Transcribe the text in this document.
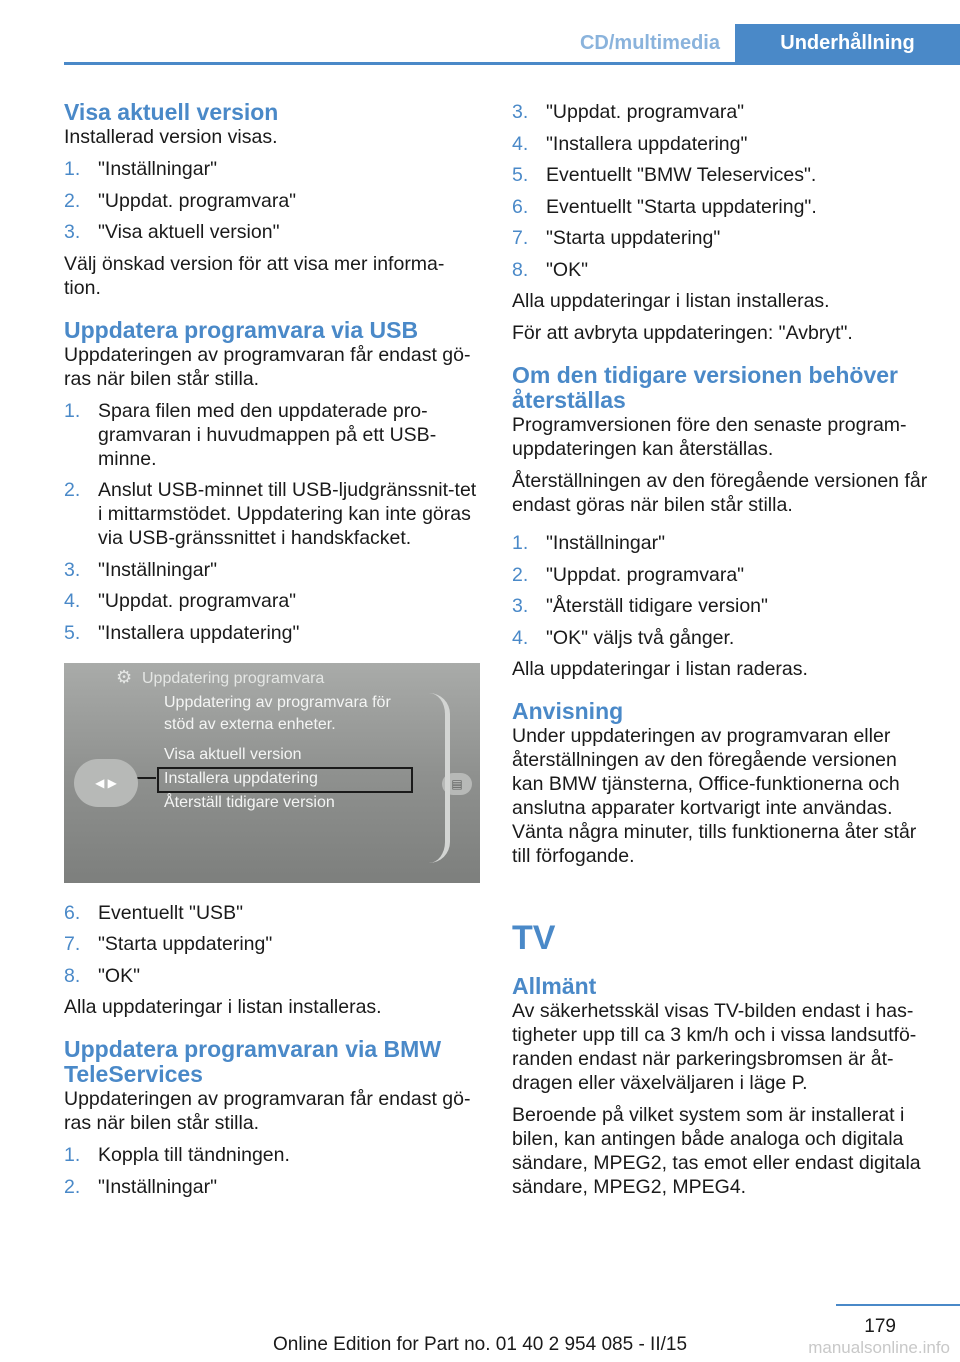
CD/multimedia	Underhållning
Visa aktuell version

Installerad version visas.

1. "Inställningar"
2. "Uppdat. programvara"
3. "Visa aktuell version"

Välj önskad version för att visa mer informa‐tion.

Uppdatera programvara via USB

Uppdateringen av programvaran får endast gö‐ras när bilen står stilla.

1. Spara filen med den uppdaterade pro‐gramvaran i huvudmappen på ett USB-minne.
2. Anslut USB-minnet till USB-ljudgränssnit‐tet i mittarmstödet. Uppdatering kan inte göras via USB-gränssnittet i handskfacket.
3. "Inställningar"
4. "Uppdat. programvara"
5. "Installera uppdatering"
⚙ Uppdatering programvara
Uppdatering av programvara för
stöd av externa enheter.
Visa aktuell version
Installera uppdatering
Återställ tidigare version
◀ ▶	▤
6. Eventuellt "USB"
7. "Starta uppdatering"
8. "OK"

Alla uppdateringar i listan installeras.

Uppdatera programvaran via BMW TeleServices

Uppdateringen av programvaran får endast gö‐ras när bilen står stilla.

1. Koppla till tändningen.
2. "Inställningar"
3. "Uppdat. programvara"
4. "Installera uppdatering"
5. Eventuellt "BMW Teleservices".
6. Eventuellt "Starta uppdatering".
7. "Starta uppdatering"
8. "OK"

Alla uppdateringar i listan installeras.

För att avbryta uppdateringen: "Avbryt".

Om den tidigare versionen behöver återställas

Programversionen före den senaste program‐uppdateringen kan återställas.

Återställningen av den föregående versionen får endast göras när bilen står stilla.

1. "Inställningar"
2. "Uppdat. programvara"
3. "Återställ tidigare version"
4. "OK" väljs två gånger.

Alla uppdateringar i listan raderas.

Anvisning

Under uppdateringen av programvaran eller återställningen av den föregående versionen kan BMW tjänsterna, Office-funktionerna och anslutna apparater kortvarigt inte användas. Vänta några minuter, tills funktionerna åter står till förfogande.

TV
Allmänt

Av säkerhetsskäl visas TV-bilden endast i has‐tigheter upp till ca 3 km/h och i vissa landsutfö‐randen endast när parkeringsbromsen är åt‐dragen eller växelväljaren i läge P.

Beroende på vilket system som är installerat i bilen, kan antingen både analoga och digitala sändare, MPEG2, tas emot eller endast digitala sändare, MPEG2, MPEG4.

179
Online Edition for Part no. 01 40 2 954 085 - II/15	manualsonline.info
